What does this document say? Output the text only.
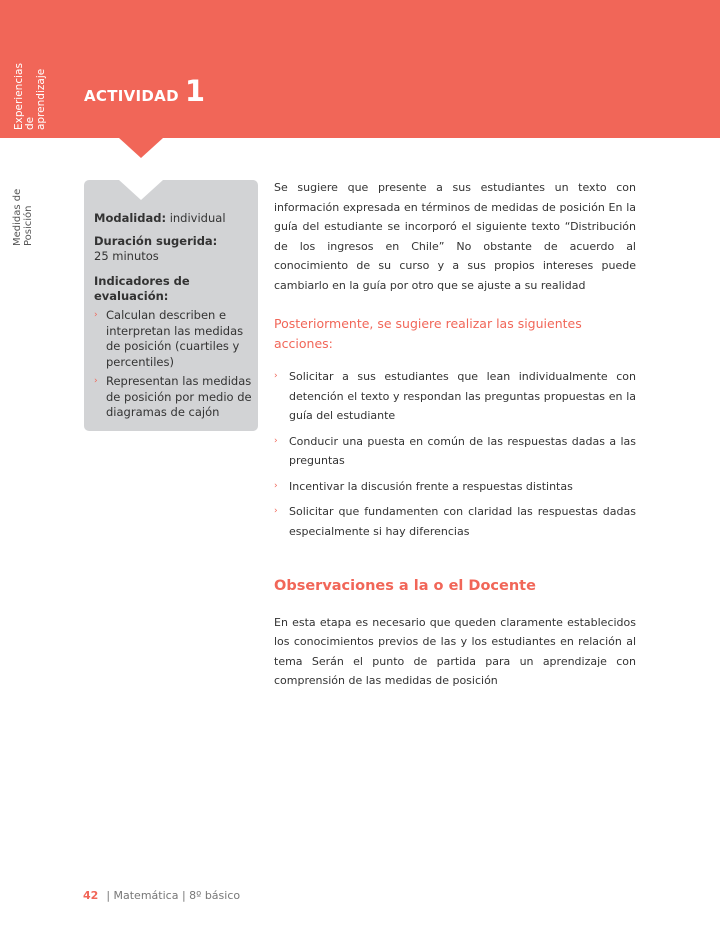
Experiencias de aprendizaje
Medidas de Posición
ACTIVIDAD 1

Modalidad: individual

Duración sugerida:
25 minutos

Indicadores de evaluación:

› Calculan describen e interpretan las medidas de posición (cuartiles y percentiles)
› Representan las medidas de posición por medio de diagramas de cajón

Se sugiere que presente a sus estudiantes un texto con información expresada en términos de medidas de posición En la guía del estudiante se incorporó el siguiente texto “Distribución de los ingresos en Chile” No obstante de acuerdo al conocimiento de su curso y a sus propios intereses puede cambiarlo en la guía por otro que se ajuste a su realidad

Posteriormente, se sugiere realizar las siguientes acciones:
› Solicitar a sus estudiantes que lean individualmente con detención el texto y respondan las preguntas propuestas en la guía del estudiante
› Conducir una puesta en común de las respuestas dadas a las preguntas
› Incentivar la discusión frente a respuestas distintas
› Solicitar que fundamenten con claridad las respuestas dadas especialmente si hay diferencias
Observaciones a la o el Docente

En esta etapa es necesario que queden claramente establecidos los conocimientos previos de las y los estudiantes en relación al tema Serán el punto de partida para un aprendizaje con comprensión de las medidas de posición

42 | Matemática | 8º básico
